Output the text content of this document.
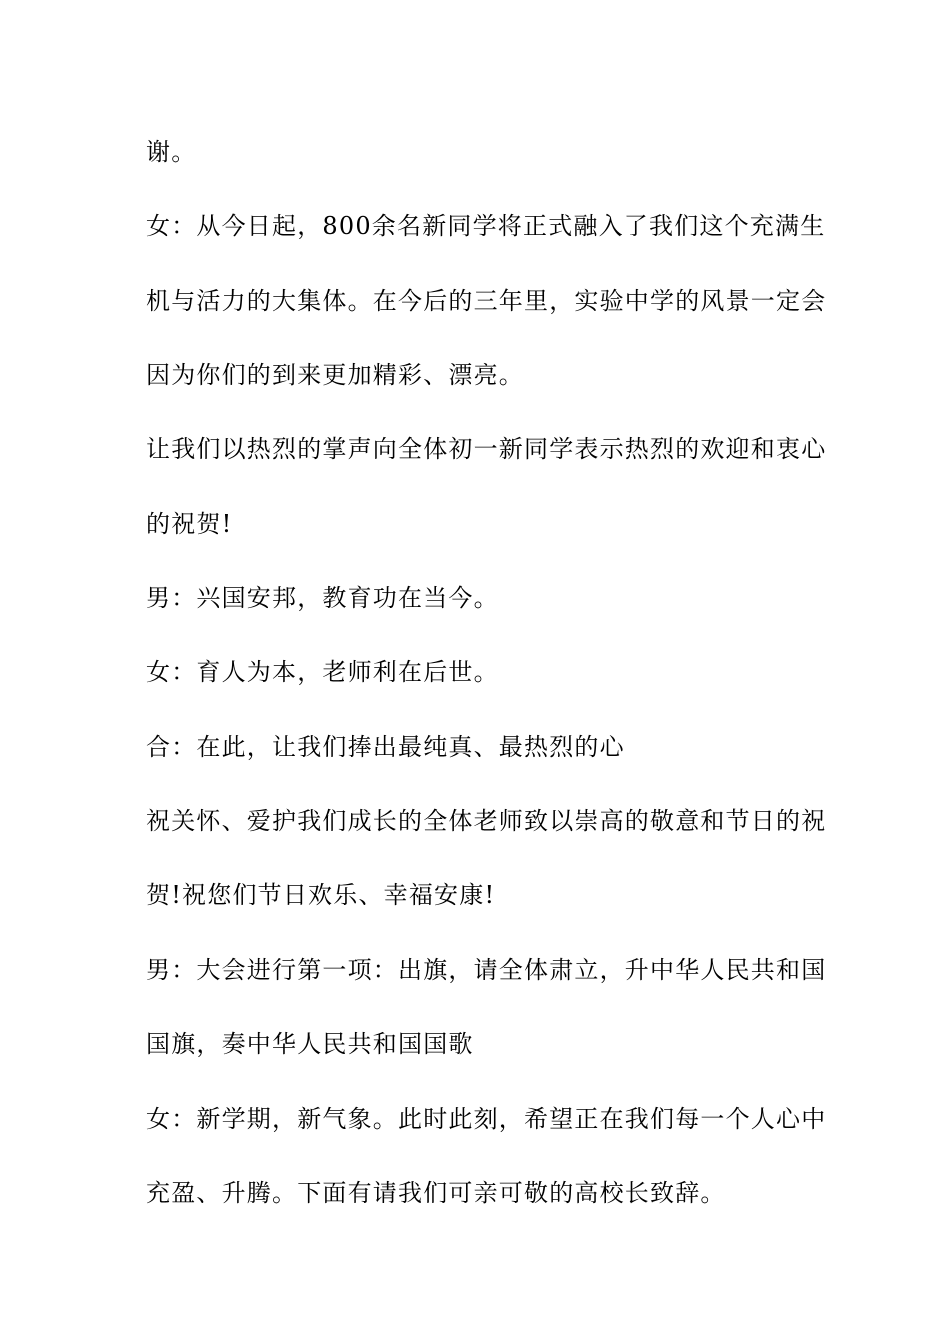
谢。
女：从今日起，800余名新同学将正式融入了我们这个充满生
机与活力的大集体。在今后的三年里，实验中学的风景一定会
因为你们的到来更加精彩、漂亮。
让我们以热烈的掌声向全体初一新同学表示热烈的欢迎和衷心
的祝贺!
男：兴国安邦，教育功在当今。
女：育人为本，老师利在后世。
合：在此，让我们捧出最纯真、最热烈的心
祝关怀、爱护我们成长的全体老师致以崇高的敬意和节日的祝
贺!祝您们节日欢乐、幸福安康!
男：大会进行第一项：出旗，请全体肃立，升中华人民共和国
国旗，奏中华人民共和国国歌
女：新学期，新气象。此时此刻，希望正在我们每一个人心中
充盈、升腾。下面有请我们可亲可敬的高校长致辞。
